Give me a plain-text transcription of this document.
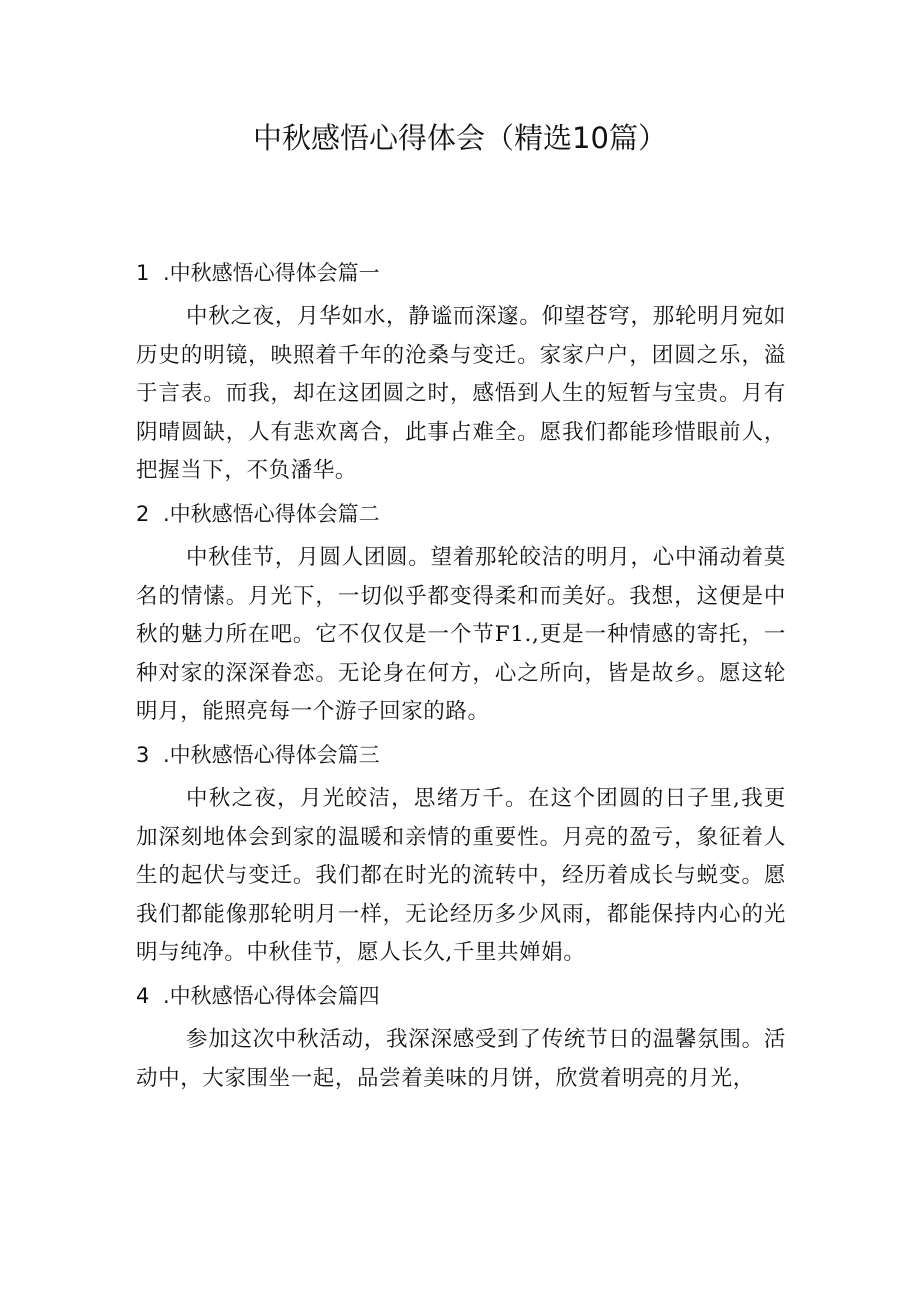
中秋感悟心得体会（精选10篇）
1 .中秋感悟心得体会篇一

中秋之夜，月华如水，静谧而深邃。仰望苍穹，那轮明月宛如历史的明镜，映照着千年的沧桑与变迁。家家户户，团圆之乐，溢于言表。而我，却在这团圆之时，感悟到人生的短暂与宝贵。月有阴晴圆缺，人有悲欢离合，此事占难全。愿我们都能珍惜眼前人，把握当下，不负潘华。

2 .中秋感悟心得体会篇二

中秋佳节，月圆人团圆。望着那轮皎洁的明月，心中涌动着莫名的情愫。月光下，一切似乎都变得柔和而美好。我想，这便是中秋的魅力所在吧。它不仅仅是一个节F1.,更是一种情感的寄托，一种对家的深深眷恋。无论身在何方，心之所向，皆是故乡。愿这轮明月，能照亮每一个游子回家的路。

3 .中秋感悟心得体会篇三

中秋之夜，月光皎洁，思绪万千。在这个团圆的日子里,我更加深刻地体会到家的温暖和亲情的重要性。月亮的盈亏，象征着人生的起伏与变迁。我们都在时光的流转中，经历着成长与蜕变。愿我们都能像那轮明月一样，无论经历多少风雨，都能保持内心的光明与纯净。中秋佳节，愿人长久,千里共婵娟。

4 .中秋感悟心得体会篇四

参加这次中秋活动，我深深感受到了传统节日的温馨氛围。活动中，大家围坐一起，品尝着美味的月饼，欣赏着明亮的月光，
